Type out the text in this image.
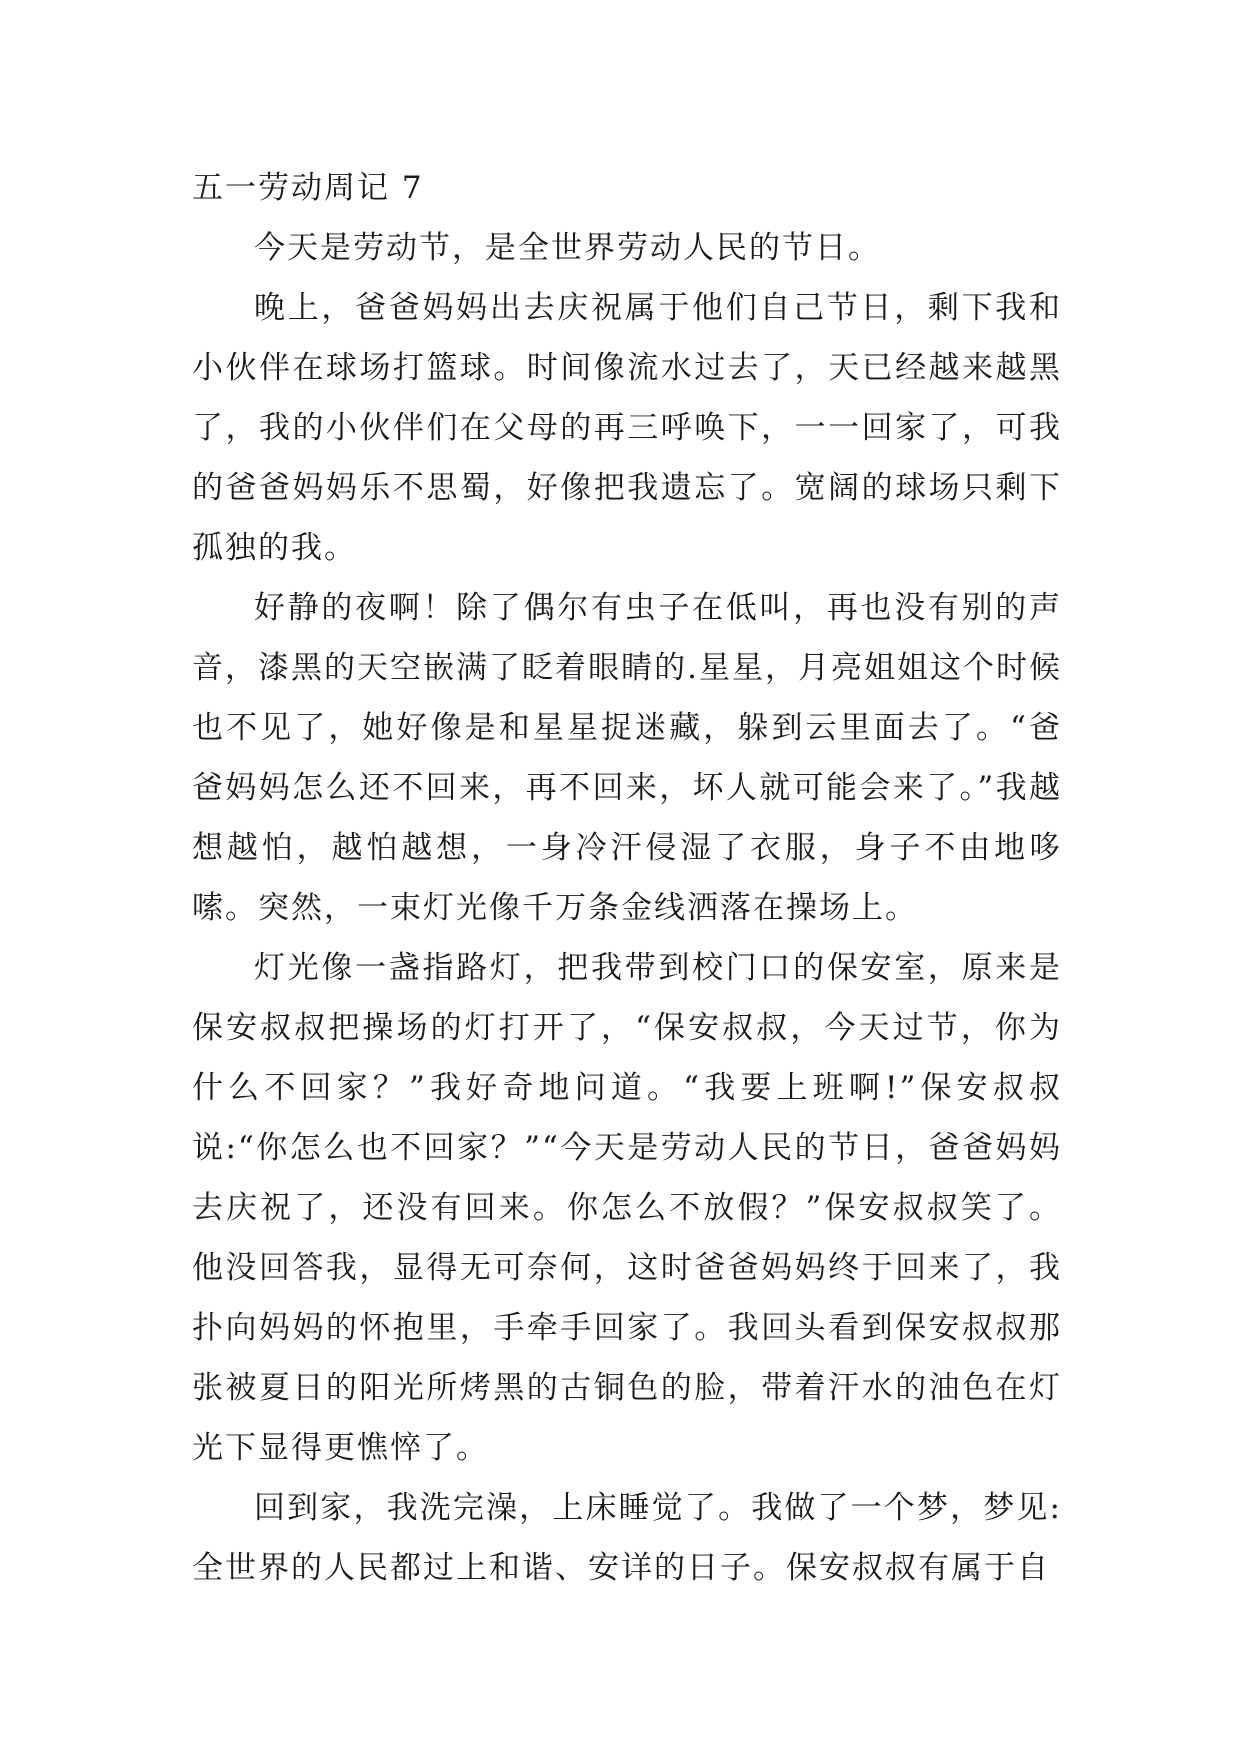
五一劳动周记 7

今天是劳动节，是全世界劳动人民的节日。

晚上，爸爸妈妈出去庆祝属于他们自己节日，剩下我和小伙伴在球场打篮球。时间像流水过去了，天已经越来越黑了，我的小伙伴们在父母的再三呼唤下，一一回家了，可我的爸爸妈妈乐不思蜀，好像把我遗忘了。宽阔的球场只剩下孤独的我。

好静的夜啊！除了偶尔有虫子在低叫，再也没有别的声音，漆黑的天空嵌满了眨着眼睛的.星星，月亮姐姐这个时候也不见了，她好像是和星星捉迷藏，躲到云里面去了。“爸爸妈妈怎么还不回来，再不回来，坏人就可能会来了。”我越想越怕，越怕越想，一身冷汗侵湿了衣服，身子不由地哆嗦。突然，一束灯光像千万条金线洒落在操场上。

灯光像一盏指路灯，把我带到校门口的保安室，原来是保安叔叔把操场的灯打开了，“保安叔叔，今天过节，你为什么不回家？”我好奇地问道。“我要上班啊!”保安叔叔说:“你怎么也不回家？”“今天是劳动人民的节日，爸爸妈妈去庆祝了，还没有回来。你怎么不放假？”保安叔叔笑了。他没回答我，显得无可奈何，这时爸爸妈妈终于回来了，我扑向妈妈的怀抱里，手牵手回家了。我回头看到保安叔叔那张被夏日的阳光所烤黑的古铜色的脸，带着汗水的油色在灯光下显得更憔悴了。

回到家，我洗完澡，上床睡觉了。我做了一个梦，梦见:全世界的人民都过上和谐、安详的日子。保安叔叔有属于自
